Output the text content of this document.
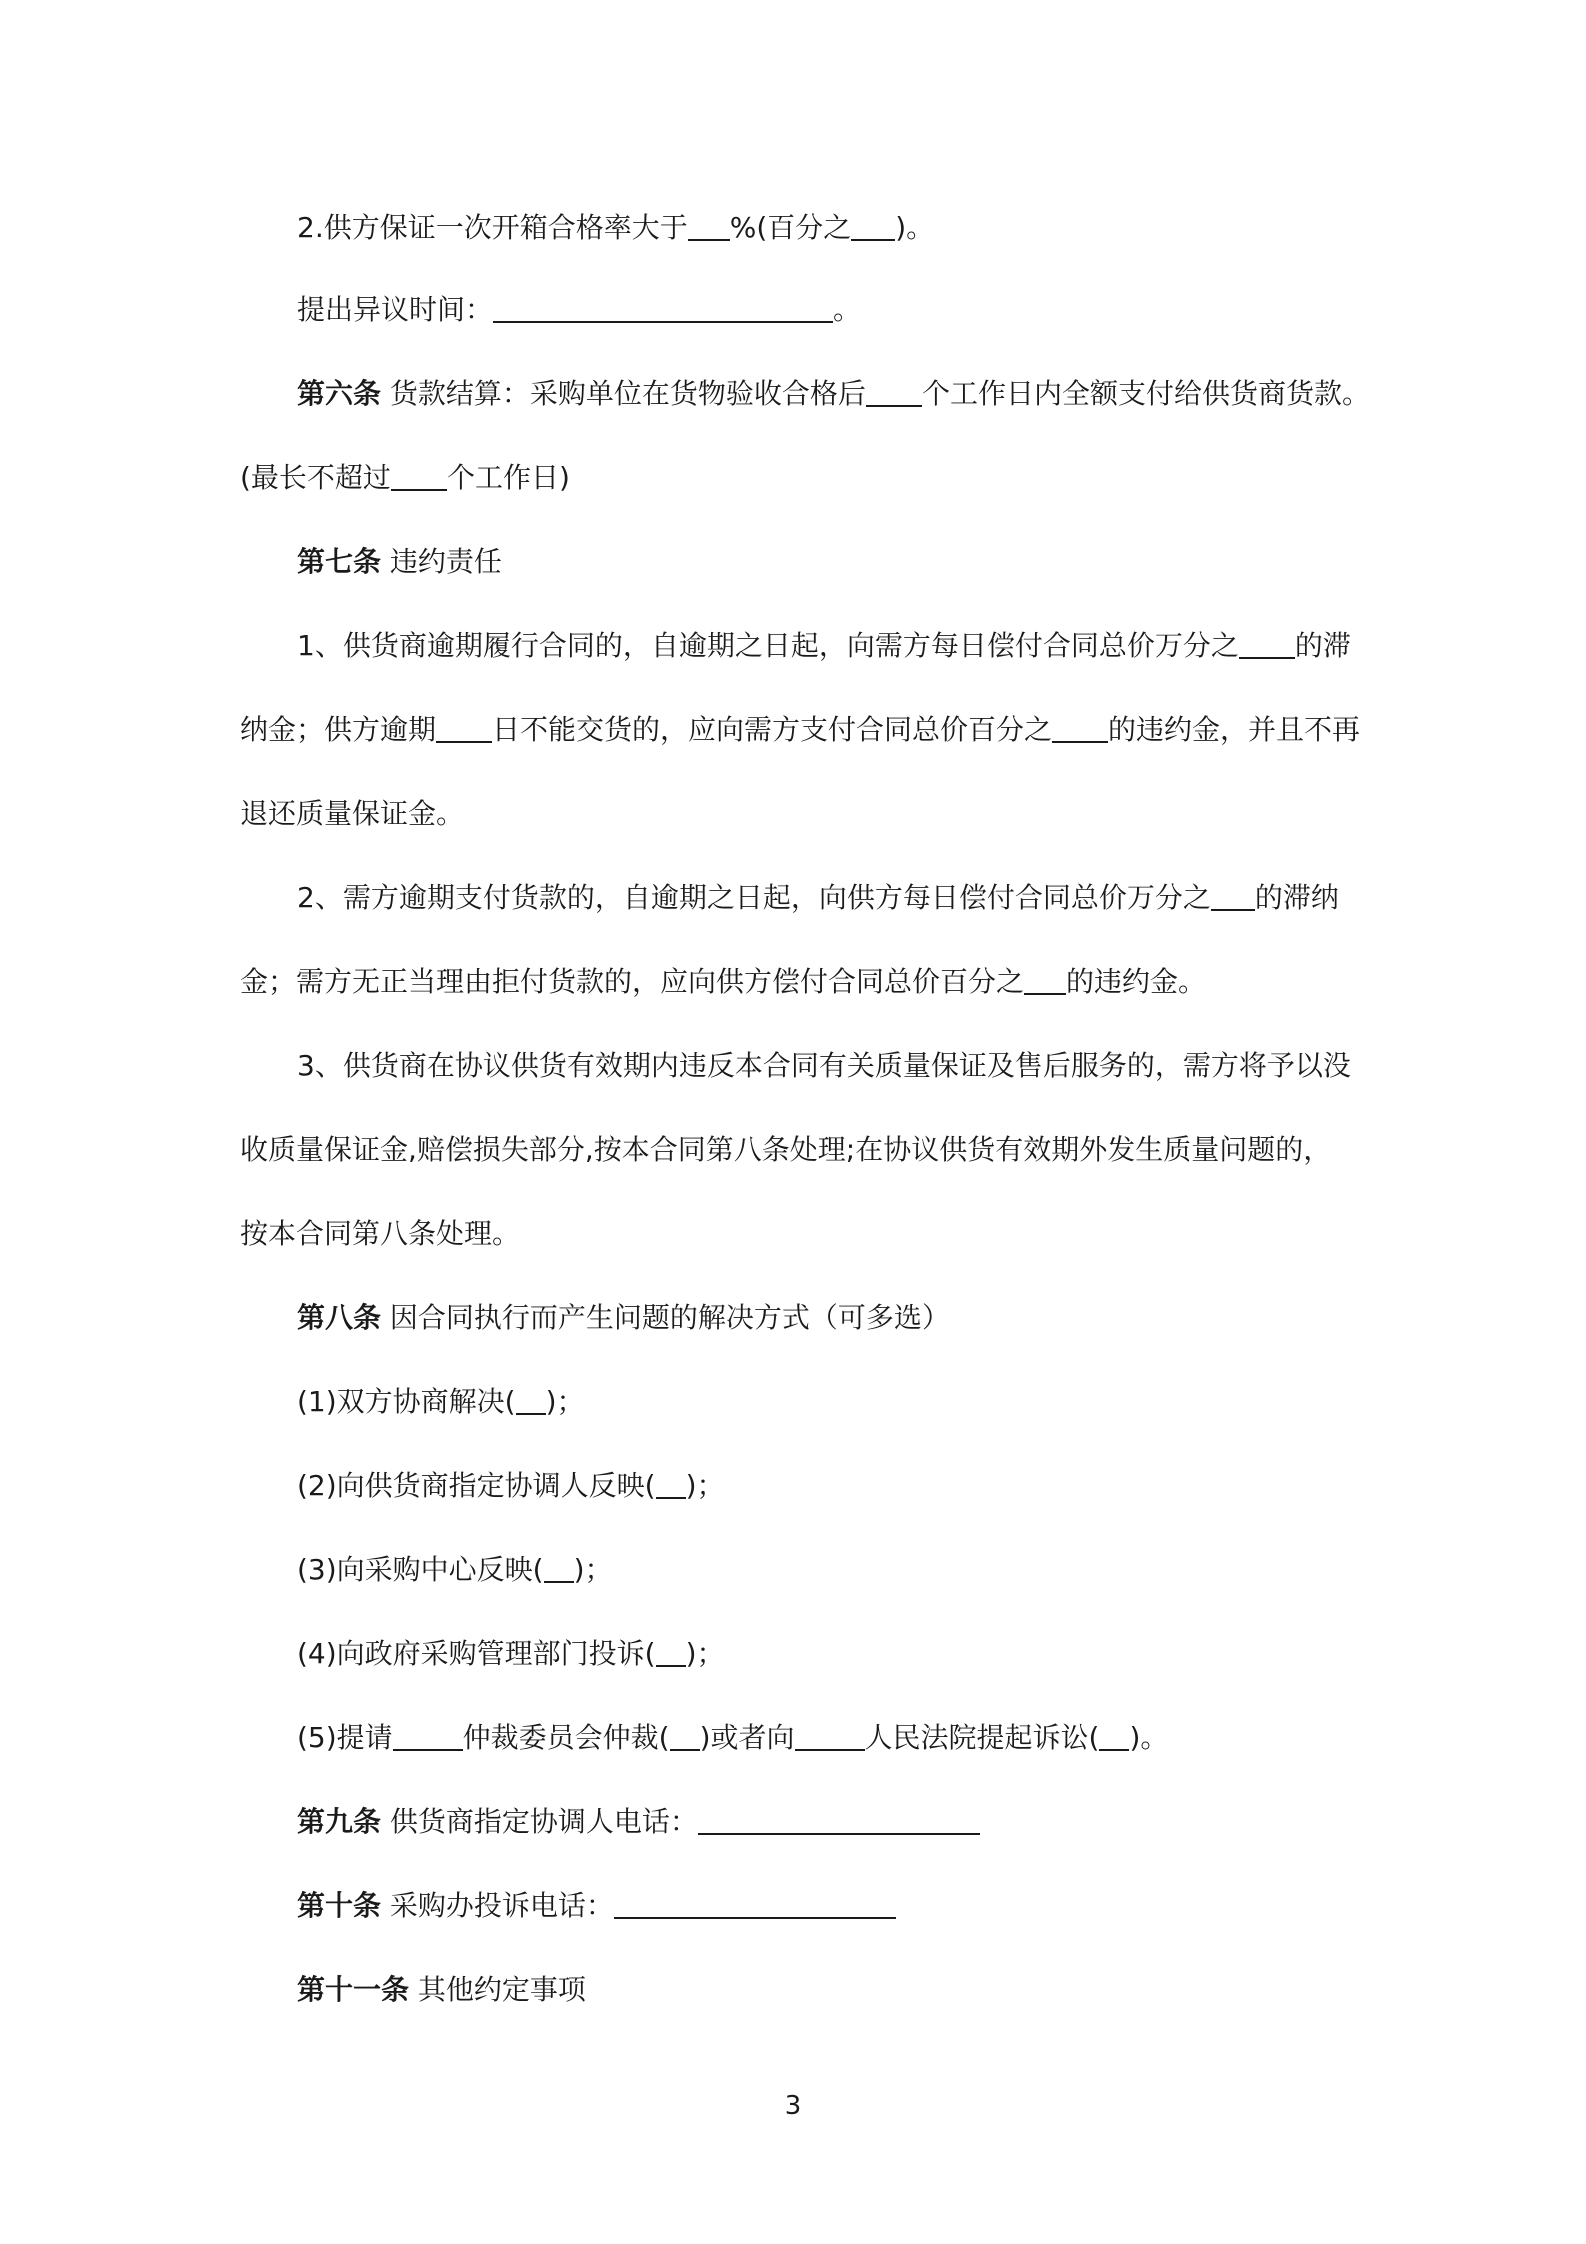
2.供方保证一次开箱合格率大于 %(百分之 )。
提出异议时间：	。
第六条 货款结算：采购单位在货物验收合格后 个工作日内全额支付给供货商货款。
(最长不超过 个工作日)
第七条 违约责任
1、供货商逾期履行合同的，自逾期之日起，向需方每日偿付合同总价万分之 的滞
纳金；供方逾期 日不能交货的，应向需方支付合同总价百分之 的违约金，并且不再
退还质量保证金。
2、需方逾期支付货款的，自逾期之日起，向供方每日偿付合同总价万分之 的滞纳
金；需方无正当理由拒付货款的，应向供方偿付合同总价百分之 的违约金。
3、供货商在协议供货有效期内违反本合同有关质量保证及售后服务的，需方将予以没
收质量保证金,赔偿损失部分,按本合同第八条处理;在协议供货有效期外发生质量问题的，
按本合同第八条处理。
第八条 因合同执行而产生问题的解决方式（可多选）
(1)双方协商解决( )；
(2)向供货商指定协调人反映( )；
(3)向采购中心反映( )；
(4)向政府采购管理部门投诉( )；
(5)提请	仲裁委员会仲裁( )或者向	人民法院提起诉讼( )。
第九条 供货商指定协调人电话：
第十条 采购办投诉电话：
第十一条 其他约定事项
3
